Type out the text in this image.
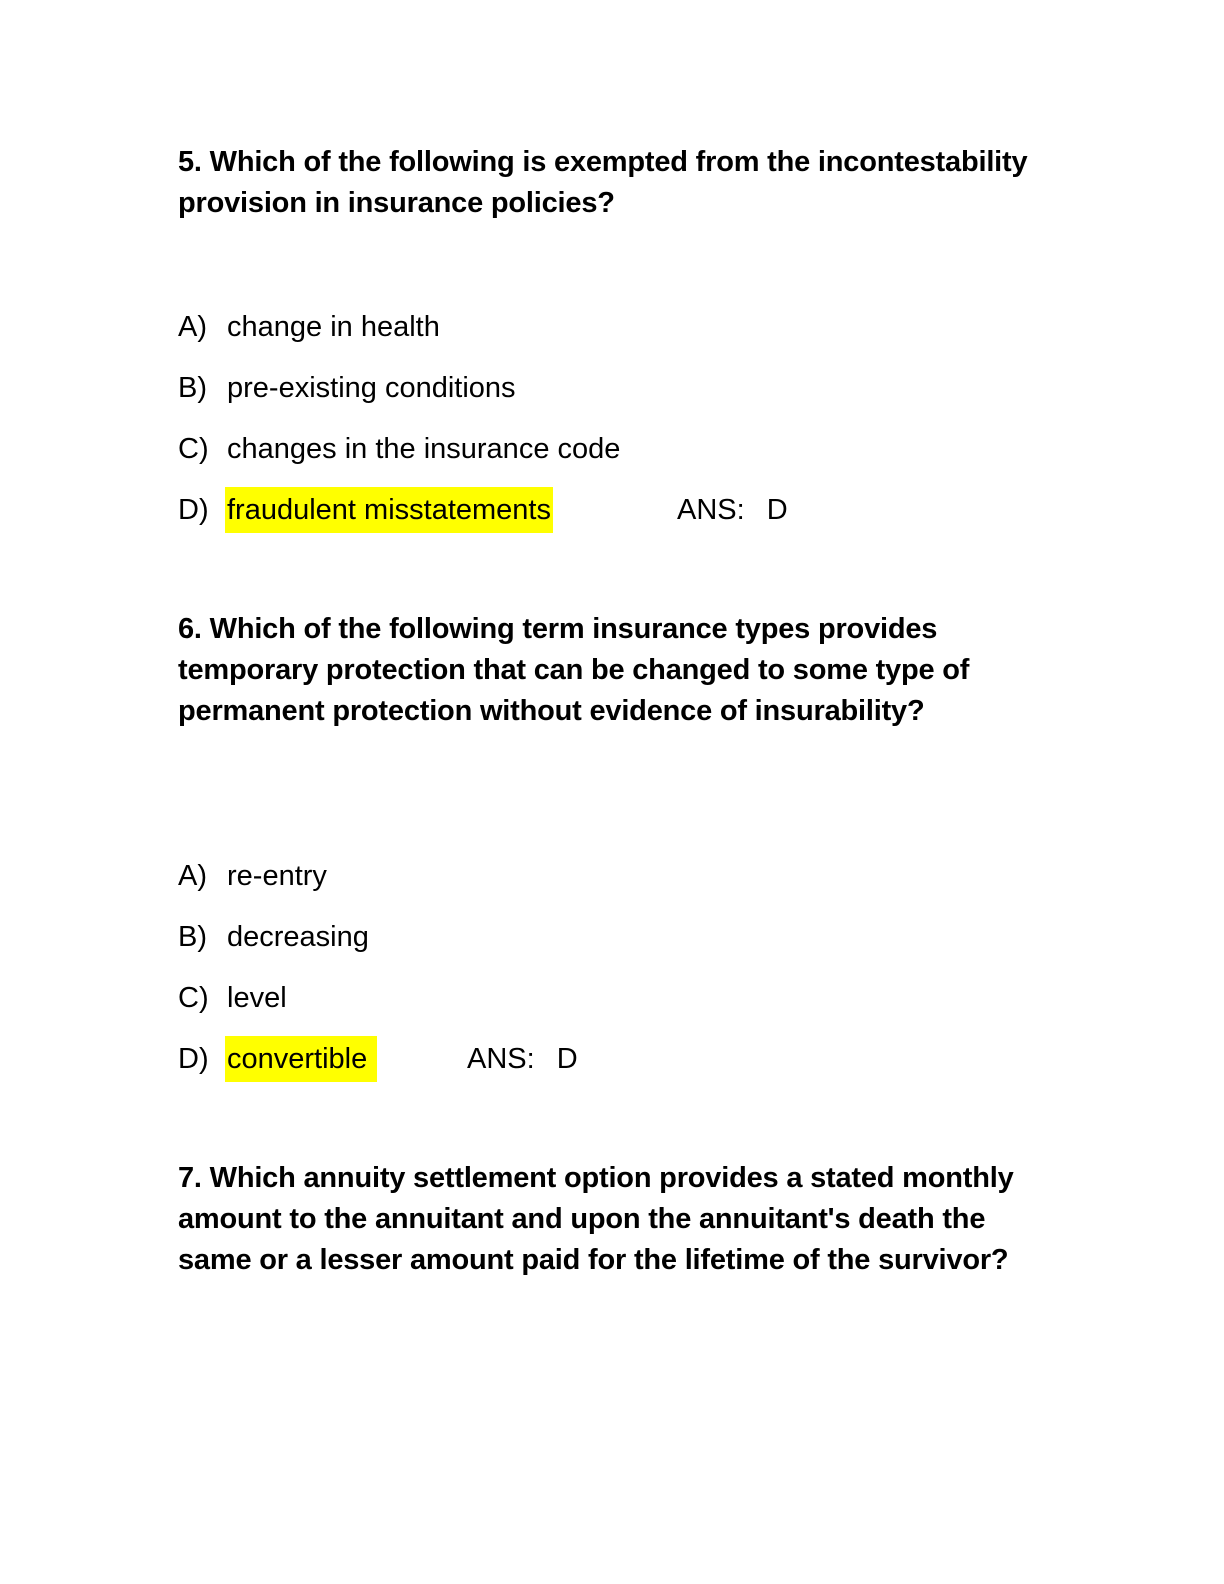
5. Which of the following is exempted from the incontestability provision in insurance policies?

A) change in health
B) pre-existing conditions
C) changes in the insurance code
D) fraudulent misstatements	ANS: D

6. Which of the following term insurance types provides temporary protection that can be changed to some type of permanent protection without evidence of insurability?

A) re-entry
B) decreasing
C) level
D) convertible	ANS: D

7. Which annuity settlement option provides a stated monthly amount to the annuitant and upon the annuitant's death the same or a lesser amount paid for the lifetime of the survivor?
